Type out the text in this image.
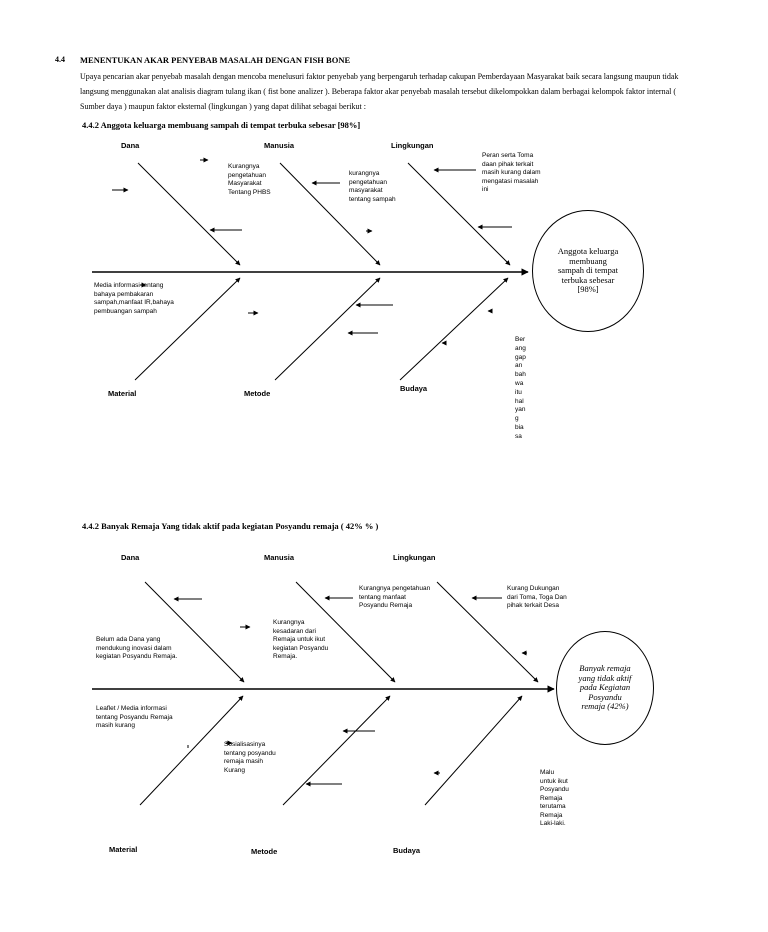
4.4 MENENTUKAN AKAR PENYEBAB MASALAH DENGAN FISH BONE
Upaya pencarian akar penyebab masalah dengan mencoba menelusuri faktor penyebab yang berpengaruh terhadap cakupan Pemberdayaan Masyarakat baik secara langsung maupun tidak langsung menggunakan alat analisis diagram tulang ikan ( fist bone analizer ). Beberapa faktor akar penyebab masalah tersebut dikelompokkan dalam berbagai kelompok faktor internal ( Sumber daya ) maupun faktor eksternal (lingkungan ) yang dapat dilihat sebagai berikut :
4.4.2 Anggota keluarga membuang sampah di tempat terbuka sebesar [98%]
Dana	Manusia	Lingkungan
Material	Metode
Budaya
Kurangnya
pengetahuan
Masyarakat
Tentang PHBS
kurangnya
pengetahuan
masyarakat
tentang sampah
Peran serta Toma
daan pihak terkait
masih kurang dalam
mengatasi masalah
ini
Media informasi tentang
bahaya pembakaran
sampah,manfaat IR,bahaya
pembuangan sampah
Ber
ang
gap
an
bah
wa
itu
hal
yan
g
bia
sa
Anggota keluarga
membuang
sampah di tempat
terbuka sebesar
[98%]
4.4.2 Banyak Remaja Yang tidak aktif pada kegiatan Posyandu remaja ( 42% % )
Dana	Manusia	Lingkungan
Material	Metode	Budaya
Belum ada Dana yang
mendukung inovasi dalam
kegiatan Posyandu Remaja.
Kurangnya
kesadaran dari
Remaja untuk ikut
kegiatan Posyandu
Remaja.
Kurangnya pengetahuan
tentang manfaat
Posyandu Remaja
Kurang Dukungan
dari Toma, Toga Dan
pihak terkait Desa
Leaflet / Media informasi
tentang Posyandu Remaja
masih kurang
Sosialisasinya
tentang posyandu
remaja masih
Kurang	Malu
untuk ikut
Posyandu
Remaja
terutama
Remaja
Laki-laki.
Banyak remaja
yang tidak aktif
pada Kegiatan
Posyandu
remaja (42%)
